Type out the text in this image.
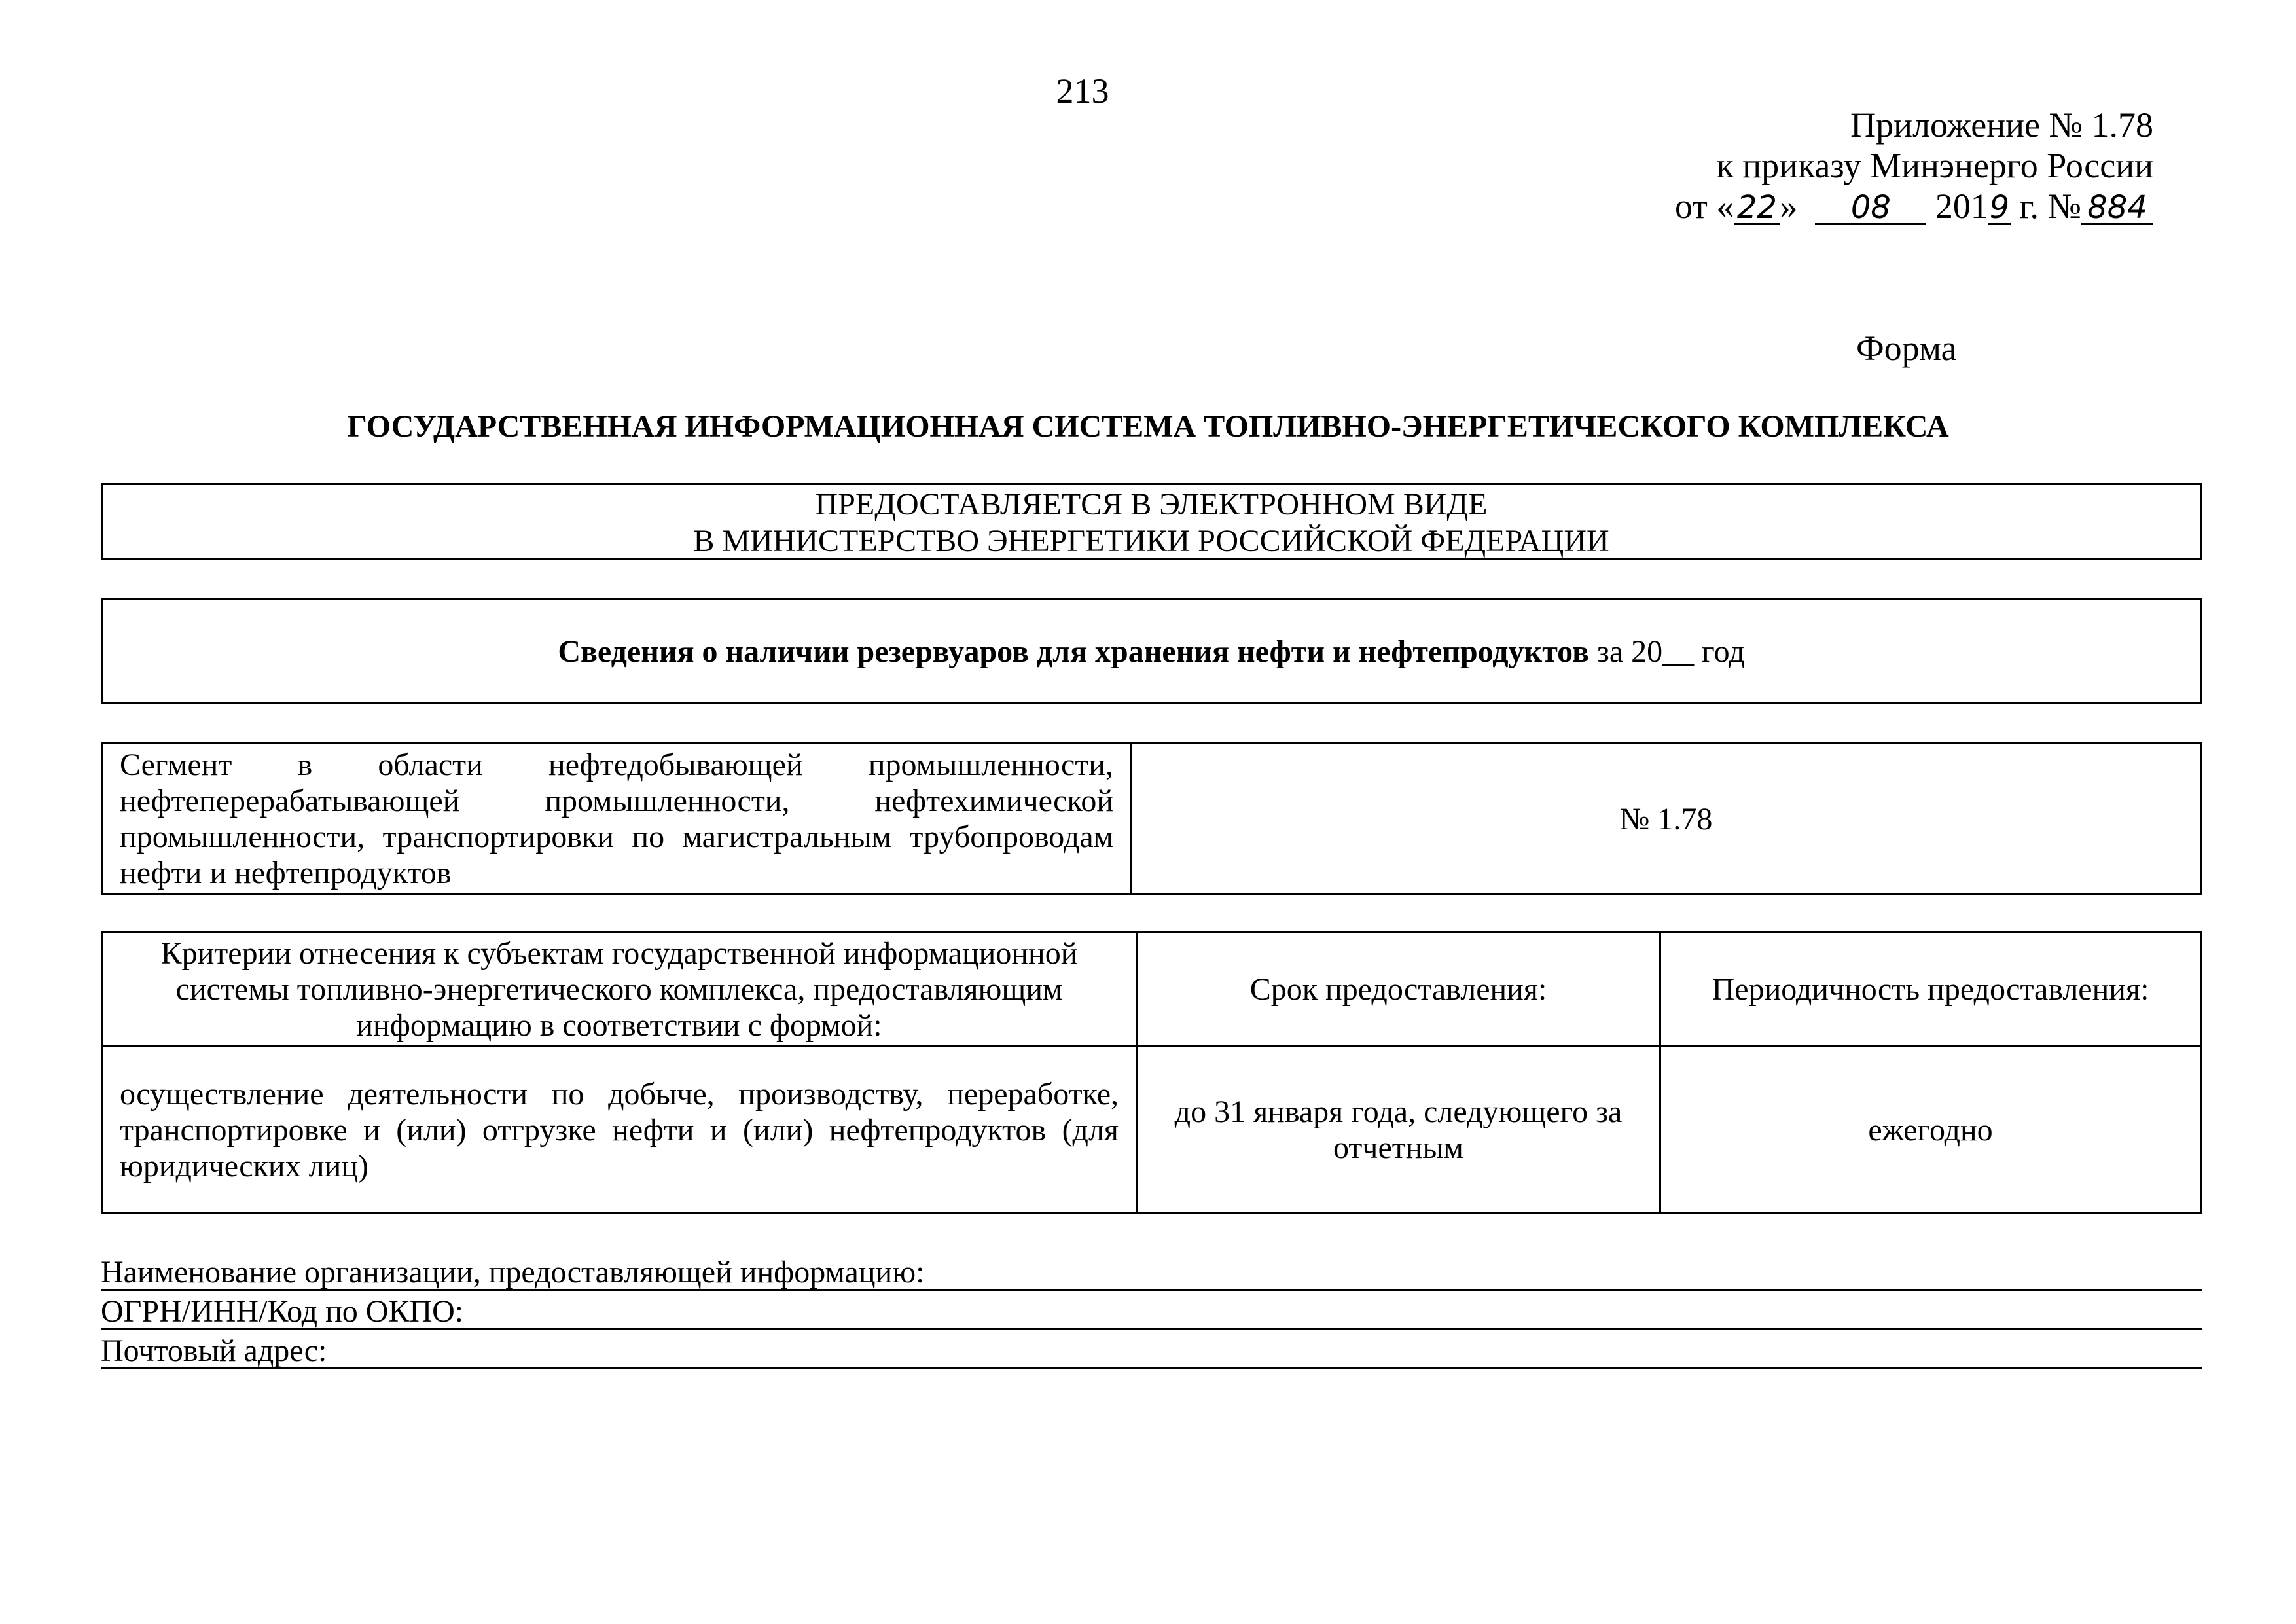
213
Приложение № 1.78
к приказу Минэнерго России
от «22» 08 2019 г. № 884
Форма
ГОСУДАРСТВЕННАЯ ИНФОРМАЦИОННАЯ СИСТЕМА ТОПЛИВНО-ЭНЕРГЕТИЧЕСКОГО КОМПЛЕКСА
ПРЕДОСТАВЛЯЕТСЯ В ЭЛЕКТРОННОМ ВИДЕ
В МИНИСТЕРСТВО ЭНЕРГЕТИКИ РОССИЙСКОЙ ФЕДЕРАЦИИ
Сведения о наличии резервуаров для хранения нефти и нефтепродуктов за 20__ год
Сегмент в области нефтедобывающей промышленности, нефтеперерабатывающей промышленности, нефтехимической промышленности, транспортировки по магистральным трубопроводам нефти и нефтепродуктов	№ 1.78
Критерии отнесения к субъектам государственной информационной системы топливно-энергетического комплекса, предоставляющим информацию в соответствии с формой:	Срок предоставления:	Периодичность предоставления:
осуществление деятельности по добыче, производству, переработке, транспортировке и (или) отгрузке нефти и (или) нефтепродуктов (для юридических лиц)	до 31 января года, следующего за отчетным	ежегодно
Наименование организации, предоставляющей информацию:
ОГРН/ИНН/Код по ОКПО:
Почтовый адрес:
